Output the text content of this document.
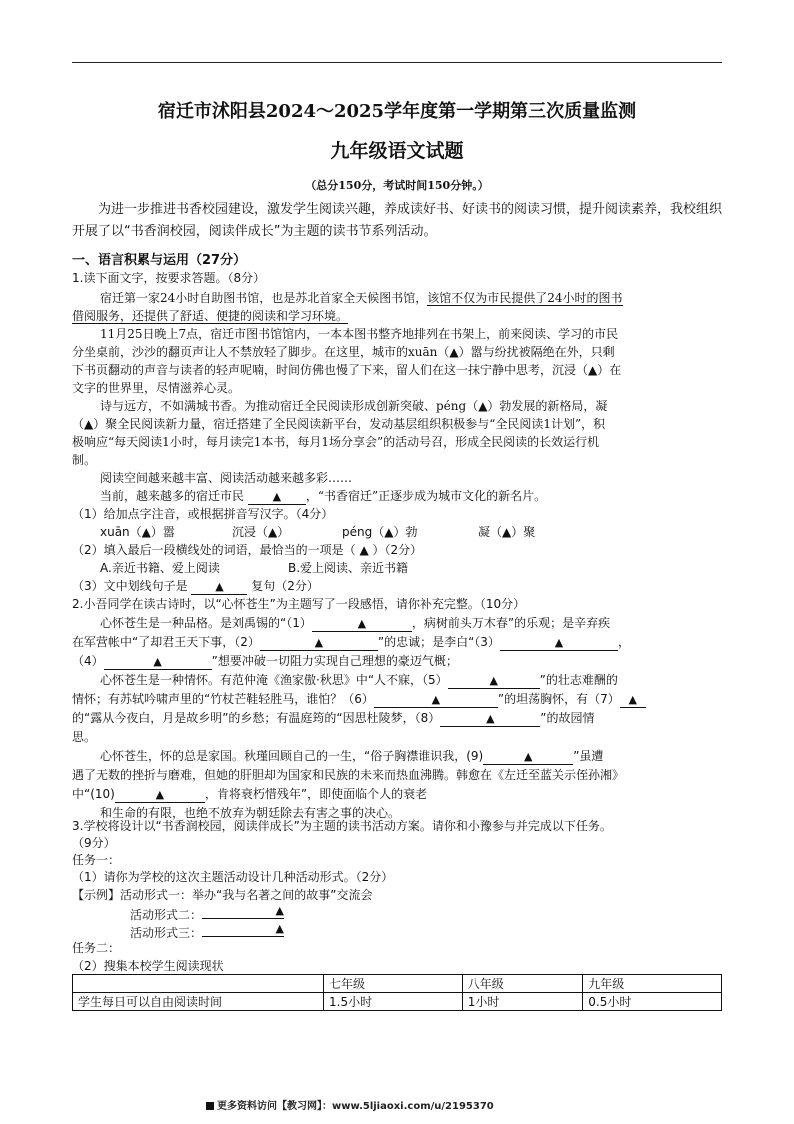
宿迁市沭阳县2024～2025学年度第一学期第三次质量监测
九年级语文试题
（总分150分，考试时间150分钟。）
为进一步推进书香校园建设，激发学生阅读兴趣，养成读好书、好读书的阅读习惯，提升阅读素养，我校组织开展了以“书香润校园，阅读伴成长”为主题的读书节系列活动。
一、语言积累与运用（27分）
1.读下面文字，按要求答题。（8分）
宿迁第一家24小时自助图书馆，也是苏北首家全天候图书馆，该馆不仅为市民提供了24小时的图书
借阅服务，还提供了舒适、便捷的阅读和学习环境。
11月25日晚上7点，宿迁市图书馆馆内，一本本图书整齐地排列在书架上，前来阅读、学习的市民
分坐桌前，沙沙的翻页声让人不禁放轻了脚步。在这里，城市的xuān（▲）嚣与纷扰被隔绝在外，只剩
下书页翻动的声音与读者的轻声呢喃，时间仿佛也慢了下来，留人们在这一抹宁静中思考，沉浸（▲）在
文字的世界里，尽情滋养心灵。
诗与远方，不如满城书香。为推动宿迁全民阅读形成创新突破、péng（▲）勃发展的新格局，凝
（▲）聚全民阅读新力量，宿迁搭建了全民阅读新平台，发动基层组织积极参与“全民阅读1计划”，积
极响应“每天阅读1小时，每月读完1本书，每月1场分享会”的活动号召，形成全民阅读的长效运行机
制。
阅读空间越来越丰富、阅读活动越来越多彩……
当前，越来越多的宿迁市民	▲ ，“书香宿迁”正逐步成为城市文化的新名片。
（1）给加点字注音，或根据拼音写汉字。（4分）
xuān（▲）嚣	沉浸（▲）	péng（▲）勃	凝（▲）聚
（2）填入最后一段横线处的词语，最恰当的一项是（ ▲ ）（2分）
A.亲近书籍、爱上阅读	B.爱上阅读、亲近书籍
（3）文中划线句子是	▲ 复句（2分）
2.小吾同学在读古诗时，以“心怀苍生”为主题写了一段感悟，请你补充完整。（10分）
心怀苍生是一种品格。是刘禹锡的“（1）	▲	，病树前头万木春”的乐观；是辛弃疾
在军营帐中“了却君王天下事，（2）	▲	”的忠诚；是李白“（3）	▲	，
（4）	▲	”想要冲破一切阻力实现自己理想的豪迈气概；
心怀苍生是一种情怀。有范仲淹《渔家傲·秋思》中“人不寐，（5）	▲	”的壮志难酬的
情怀；有苏轼吟啸声里的“竹杖芒鞋轻胜马，谁怕？（6）	▲	”的坦荡胸怀，有（7） ▲
的“露从今夜白，月是故乡明”的乡愁；有温庭筠的“因思杜陵梦，（8）	▲	”的故园情
思。
心怀苍生，怀的总是家国。秋瑾回顾自己的一生，“俗子胸襟谁识我，(9)	▲	”虽遭
遇了无数的挫折与磨难，但她的肝胆却为国家和民族的未来而热血沸腾。韩愈在《左迁至蓝关示侄孙湘》
中“(10)	▲	，肯将衰朽惜残年”，即使面临个人的衰老
和生命的有限，也绝不放弃为朝廷除去有害之事的决心。
3.学校将设计以“书香润校园，阅读伴成长”为主题的读书活动方案。请你和小豫参与并完成以下任务。
（9分）
任务一：
（1）请你为学校的这次主题活动设计几种活动形式。（2分）
【示例】活动形式一：举办“我与名著之间的故事”交流会
活动形式二：	▲
活动形式三：	▲
任务二：
	七年级	八年级	九年级
学生每日可以自由阅读时间	1.5小时	1小时	0.5小时
更多资料访问【教习网】：www.5ljiaoxi.com/u/2195370
（2）搜集本校学生阅读现状
